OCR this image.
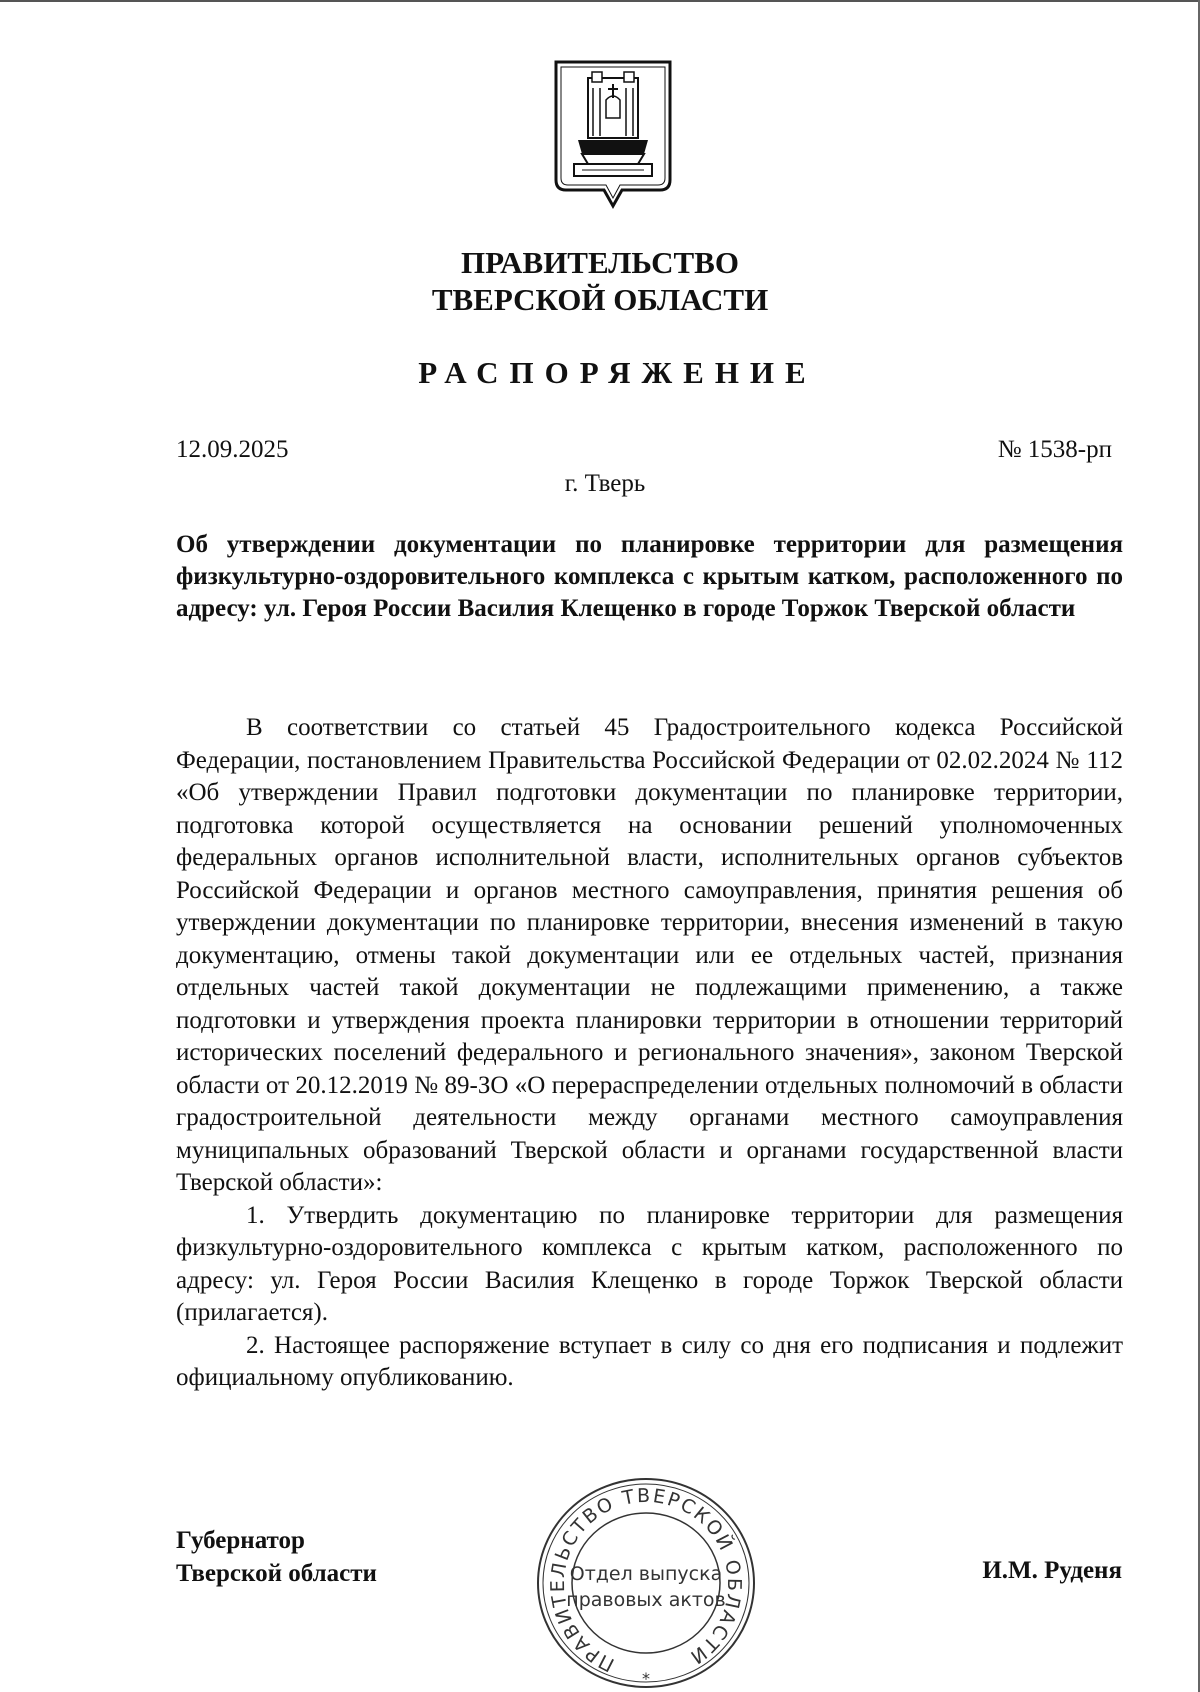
ПРАВИТЕЛЬСТВО
ТВЕРСКОЙ ОБЛАСТИ
РАСПОРЯЖЕНИЕ
12.09.2025	№ 1538-рп
г. Тверь
Об утверждении документации по планировке территории для размещения физкультурно-оздоровительного комплекса с крытым катком, расположенного по адресу: ул. Героя России Василия Клещенко в городе Торжок Тверской области

В соответствии со статьей 45 Градостроительного кодекса Российской Федерации, постановлением Правительства Российской Федерации от 02.02.2024 № 112 «Об утверждении Правил подготовки документации по планировке территории, подготовка которой осуществляется на основании решений уполномоченных федеральных органов исполнительной власти, исполнительных органов субъектов Российской Федерации и органов местного самоуправления, принятия решения об утверждении документации по планировке территории, внесения изменений в такую документацию, отмены такой документации или ее отдельных частей, признания отдельных частей такой документации не подлежащими применению, а также подготовки и утверждения проекта планировки территории в отношении территорий исторических поселений федерального и регионального значения», законом Тверской области от 20.12.2019 № 89-ЗО «О перераспределении отдельных полномочий в области градостроительной деятельности между органами местного самоуправления муниципальных образований Тверской области и органами государственной власти Тверской области»:

1. Утвердить документацию по планировке территории для размещения физкультурно-оздоровительного комплекса с крытым катком, расположенного по адресу: ул. Героя России Василия Клещенко в городе Торжок Тверской области (прилагается).

2. Настоящее распоряжение вступает в силу со дня его подписания и подлежит официальному опубликованию.

Губернатор
Тверской области	И.М. Руденя
ПРАВИТЕЛЬСТВО ТВЕРСКОЙ ОБЛАСТИ
Отдел выпуска
правовых актов
*
